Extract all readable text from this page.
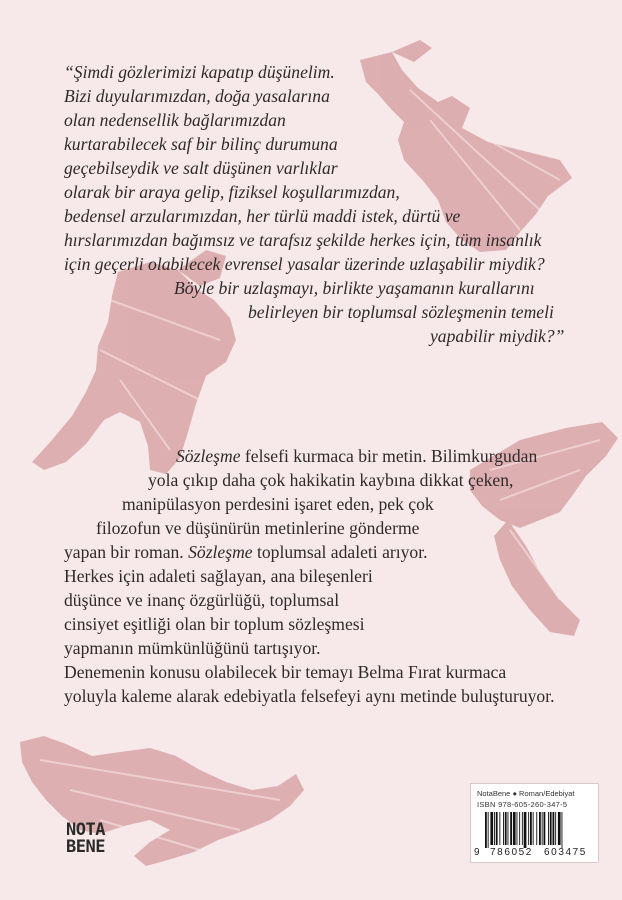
“Şimdi gözlerimizi kapatıp düşünelim.
Bizi duyularımızdan, doğa yasalarına
olan nedensellik bağlarımızdan
kurtarabilecek saf bir bilinç durumuna
geçebilseydik ve salt düşünen varlıklar
olarak bir araya gelip, fiziksel koşullarımızdan,
bedensel arzularımızdan, her türlü maddi istek, dürtü ve
hırslarımızdan bağımsız ve tarafsız şekilde herkes için, tüm insanlık
için geçerli olabilecek evrensel yasalar üzerinde uzlaşabilir miydik?
Böyle bir uzlaşmayı, birlikte yaşamanın kurallarını
belirleyen bir toplumsal sözleşmenin temeli
yapabilir miydik?”
Sözleşme felsefi kurmaca bir metin. Bilimkurgudan
yola çıkıp daha çok hakikatin kaybına dikkat çeken,
manipülasyon perdesini işaret eden, pek çok
filozofun ve düşünürün metinlerine gönderme
yapan bir roman. Sözleşme toplumsal adaleti arıyor.
Herkes için adaleti sağlayan, ana bileşenleri
düşünce ve inanç özgürlüğü, toplumsal
cinsiyet eşitliği olan bir toplum sözleşmesi
yapmanın mümkünlüğünü tartışıyor.
Denemenin konusu olabilecek bir temayı Belma Fırat kurmaca
yoluyla kaleme alarak edebiyatla felsefeyi aynı metinde buluşturuyor.
NOTA
BENE
NotaBene ● Roman/Edebiyat
ISBN 978-605-260-347-5
9 786052 603475
